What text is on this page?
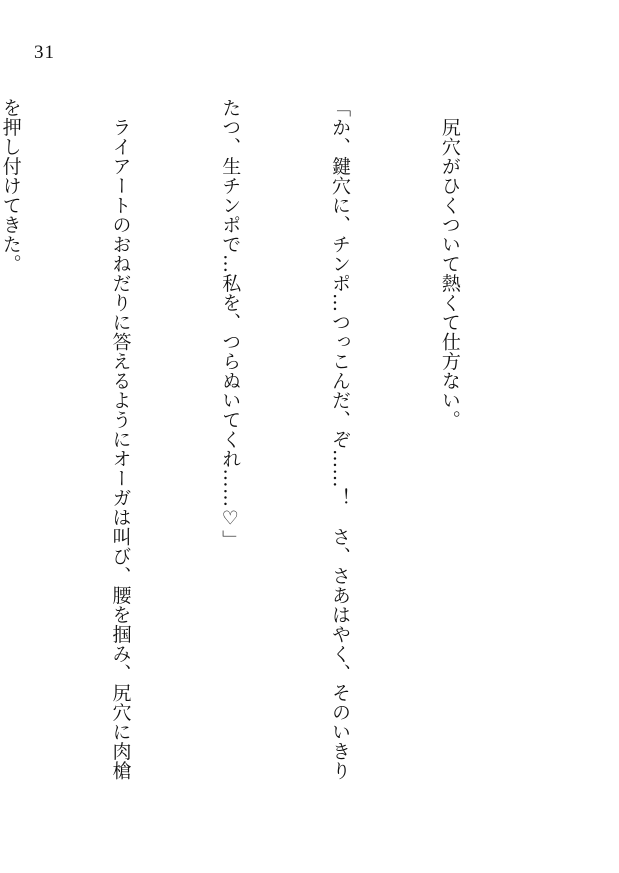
31

　尻穴がひくついて熱くて仕方ない。

「か、鍵穴に、チンポ…つっこんだ、ぞ……！　さ、さあはやく、そのいきり

たつ、生チンポで…私を、つらぬいてくれ……♡」

　ライアートのおねだりに答えるようにオーガは叫び、腰を掴み、尻穴に肉槍

を押し付けてきた。
